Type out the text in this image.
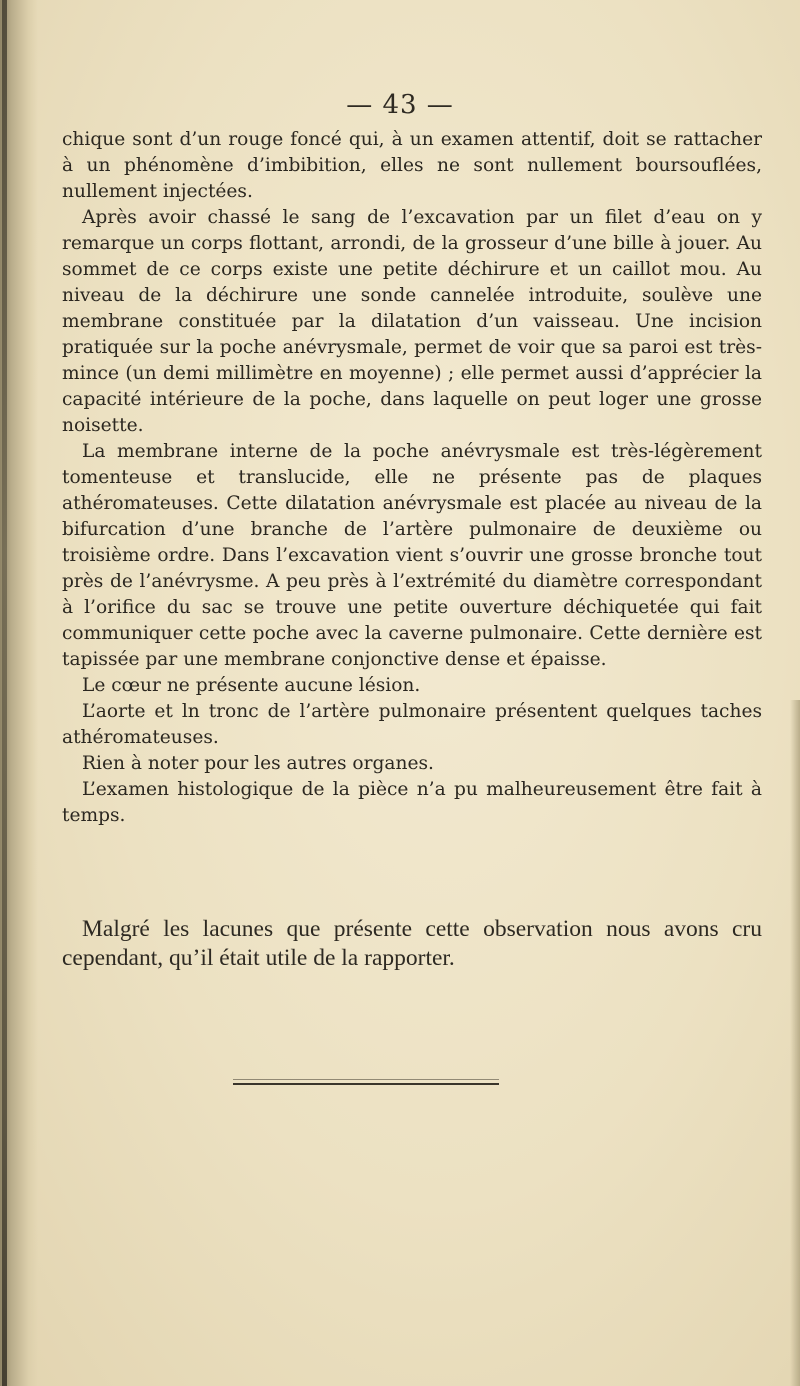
— 43 —

chique sont d’un rouge foncé qui, à un examen attentif, doit se rattacher à un phénomène d’imbibition, elles ne sont nullement boursouflées, nullement injectées.

Après avoir chassé le sang de l’excavation par un filet d’eau on y remarque un corps flottant, arrondi, de la grosseur d’une bille à jouer. Au sommet de ce corps existe une petite déchirure et un caillot mou. Au niveau de la déchirure une sonde cannelée introduite, soulève une membrane constituée par la dilatation d’un vaisseau. Une incision pratiquée sur la poche anévrysmale, permet de voir que sa paroi est très-mince (un demi millimètre en moyenne) ; elle permet aussi d’apprécier la capacité intérieure de la poche, dans laquelle on peut loger une grosse noisette.

La membrane interne de la poche anévrysmale est très-légèrement tomenteuse et translucide, elle ne présente pas de plaques athéromateuses. Cette dilatation anévrysmale est placée au niveau de la bifurcation d’une branche de l’artère pulmonaire de deuxième ou troisième ordre. Dans l’excavation vient s’ouvrir une grosse bronche tout près de l’anévrysme. A peu près à l’extrémité du diamètre correspondant à l’orifice du sac se trouve une petite ouverture déchiquetée qui fait communiquer cette poche avec la caverne pulmonaire. Cette dernière est tapissée par une membrane conjonctive dense et épaisse.

Le cœur ne présente aucune lésion.

L’aorte et ln tronc de l’artère pulmonaire présentent quelques taches athéromateuses.

Rien à noter pour les autres organes.

L’examen histologique de la pièce n’a pu malheureusement être fait à temps.

Malgré les lacunes que présente cette observation nous avons cru cependant, qu’il était utile de la rapporter.
